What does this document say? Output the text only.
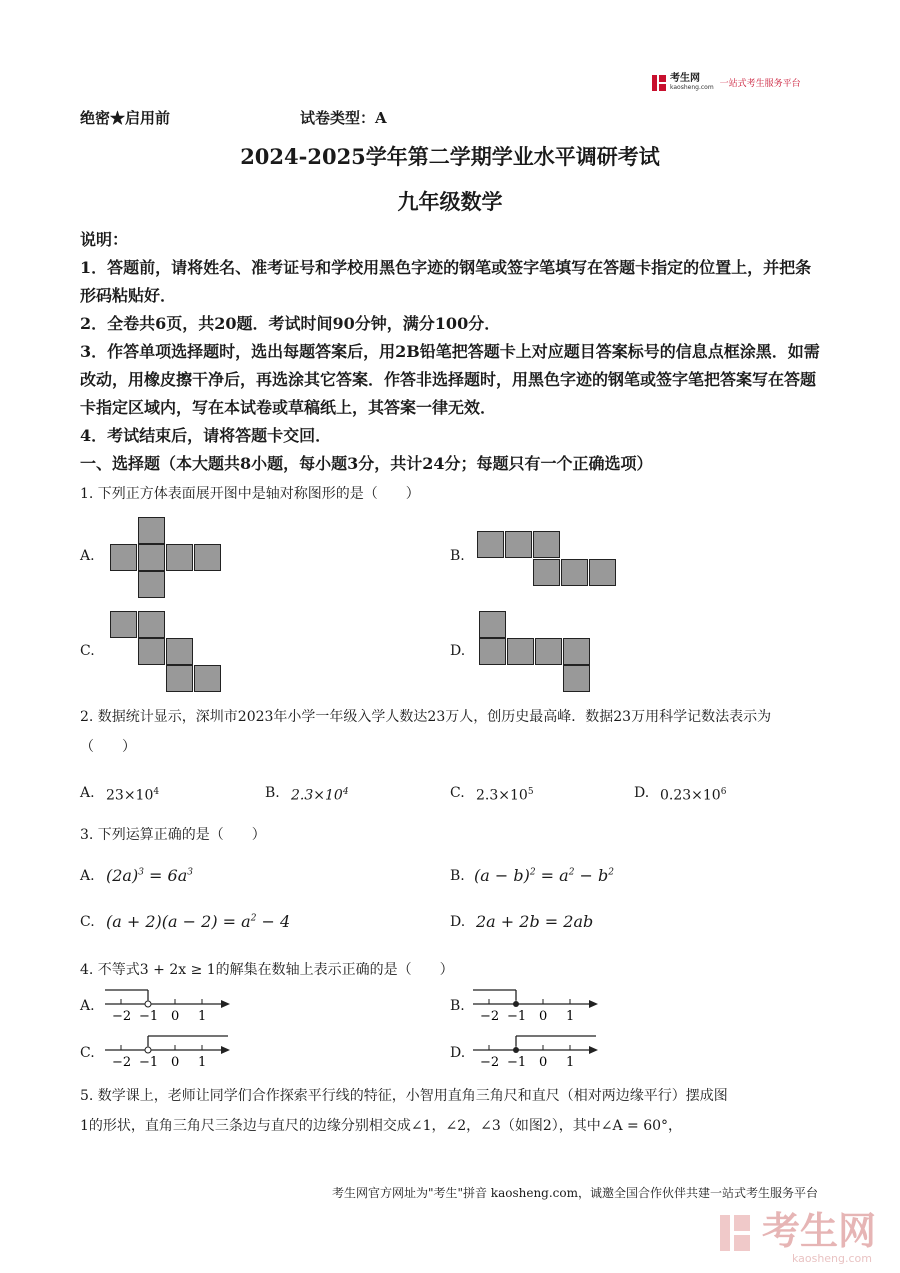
考生网
kaosheng.com 一站式考生服务平台
绝密★启用前	试卷类型：A
2024-2025学年第二学期学业水平调研考试
九年级数学
说明：
1．答题前，请将姓名、准考证号和学校用黑色字迹的钢笔或签字笔填写在答题卡指定的位置上，并把条形码粘贴好．
2．全卷共6页，共20题．考试时间90分钟，满分100分．
3．作答单项选择题时，选出每题答案后，用2B铅笔把答题卡上对应题目答案标号的信息点框涂黑．如需改动，用橡皮擦干净后，再选涂其它答案．作答非选择题时，用黑色字迹的钢笔或签字笔把答案写在答题卡指定区域内，写在本试卷或草稿纸上，其答案一律无效．
4．考试结束后，请将答题卡交回．
一、选择题（本大题共8小题，每小题3分，共计24分；每题只有一个正确选项）
1. 下列正方体表面展开图中是轴对称图形的是（　　）
A.	B.
C.	D.
2. 数据统计显示，深圳市2023年小学一年级入学人数达23万人，创历史最高峰．数据23万用科学记数法表示为（　　）
A. $23\times 10^4$	B. $2.3\times 10^4$	C. $2.3\times 10^5$	D. $0.23\times 10^6$
3. 下列运算正确的是（　　）
A. $(2a)^3 = 6a^3$	B. $(a - b)^2 = a^2 - b^2$
C. $(a + 2)(a - 2) = a^2 - 4$	D. 2a + 2b = 2ab
4. 不等式3 + 2x ≥ 1的解集在数轴上表示正确的是（　　）
A.
−2 −1 0 1
B.
−2 −1 0 1
C.
−2 −1 0 1
D.
−2 −1 0 1
5. 数学课上，老师让同学们合作探索平行线的特征，小智用直角三角尺和直尺（相对两边缘平行）摆成图
1的形状，直角三角尺三条边与直尺的边缘分别相交成∠1，∠2，∠3（如图2），其中∠A = 60°，
考生网官方网址为"考生"拼音 kaosheng.com，诚邀全国合作伙伴共建一站式考生服务平台
考生网
kaosheng.com
